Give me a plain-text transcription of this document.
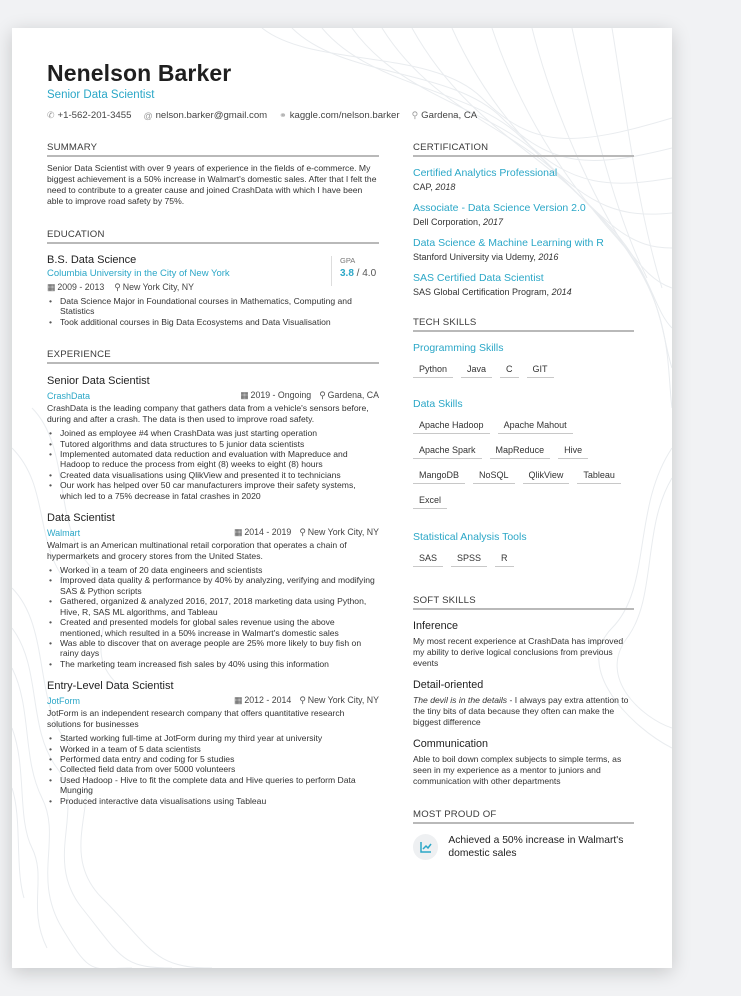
Nenelson Barker
Senior Data Scientist
✆ +1-562-201-3455 @ nelson.barker@gmail.com ⚭ kaggle.com/nelson.barker ⚲ Gardena, CA
SUMMARY
Senior Data Scientist with over 9 years of experience in the fields of e-commerce. My biggest achievement is a 50% increase in Walmart's domestic sales. After that I felt the need to contribute to a greater cause and joined CrashData with which I have been able to improve road safety by 75%.
EDUCATION
B.S. Data Science
Columbia University in the City of New York
▦ 2009 - 2013 ⚲ New York City, NY
GPA
3.8 / 4.0
• Data Science Major in Foundational courses in Mathematics, Computing and Statistics
• Took additional courses in Big Data Ecosystems and Data Visualisation
EXPERIENCE
Senior Data Scientist
CrashData	▦ 2019 - Ongoing ⚲ Gardena, CA
CrashData is the leading company that gathers data from a vehicle's sensors before, during and after a crash. The data is then used to improve road safety.
• Joined as employee #4 when CrashData was just starting operation
• Tutored algorithms and data structures to 5 junior data scientists
• Implemented automated data reduction and evaluation with Mapreduce and Hadoop to reduce the process from eight (8) weeks to eight (8) hours
• Created data visualisations using QlikView and presented it to technicians
• Our work has helped over 50 car manufacturers improve their safety systems, which led to a 75% decrease in fatal crashes in 2020
Data Scientist
Walmart	▦ 2014 - 2019 ⚲ New York City, NY
Walmart is an American multinational retail corporation that operates a chain of hypermarkets and grocery stores from the United States.
• Worked in a team of 20 data engineers and scientists
• Improved data quality & performance by 40% by analyzing, verifying and modifying SAS & Python scripts
• Gathered, organized & analyzed 2016, 2017, 2018 marketing data using Python, Hive, R, SAS ML algorithms, and Tableau
• Created and presented models for global sales revenue using the above mentioned, which resulted in a 50% increase in Walmart's domestic sales
• Was able to discover that on average people are 25% more likely to buy fish on rainy days
• The marketing team increased fish sales by 40% using this information
Entry-Level Data Scientist
JotForm	▦ 2012 - 2014 ⚲ New York City, NY
JotForm is an independent research company that offers quantitative research solutions for businesses
• Started working full-time at JotForm during my third year at university
• Worked in a team of 5 data scientists
• Performed data entry and coding for 5 studies
• Collected field data from over 5000 volunteers
• Used Hadoop - Hive to fit the complete data and Hive queries to perform Data Munging
• Produced interactive data visualisations using Tableau
CERTIFICATION
Certified Analytics Professional
CAP, 2018
Associate - Data Science Version 2.0
Dell Corporation, 2017
Data Science & Machine Learning with R
Stanford University via Udemy, 2016
SAS Certified Data Scientist
SAS Global Certification Program, 2014
TECH SKILLS
Programming Skills
Python	Java	C	GIT
Data Skills
Apache Hadoop	Apache Mahout
Apache Spark	MapReduce	Hive
MangoDB	NoSQL	QlikView	Tableau
Excel
Statistical Analysis Tools
SAS	SPSS	R
SOFT SKILLS
Inference
My most recent experience at CrashData has improved my ability to derive logical conclusions from previous events
Detail-oriented
The devil is in the details - I always pay extra attention to the tiny bits of data because they often can make the biggest difference
Communication
Able to boil down complex subjects to simple terms, as seen in my experience as a mentor to juniors and communication with other departments
MOST PROUD OF
Achieved a 50% increase in Walmart's domestic sales
